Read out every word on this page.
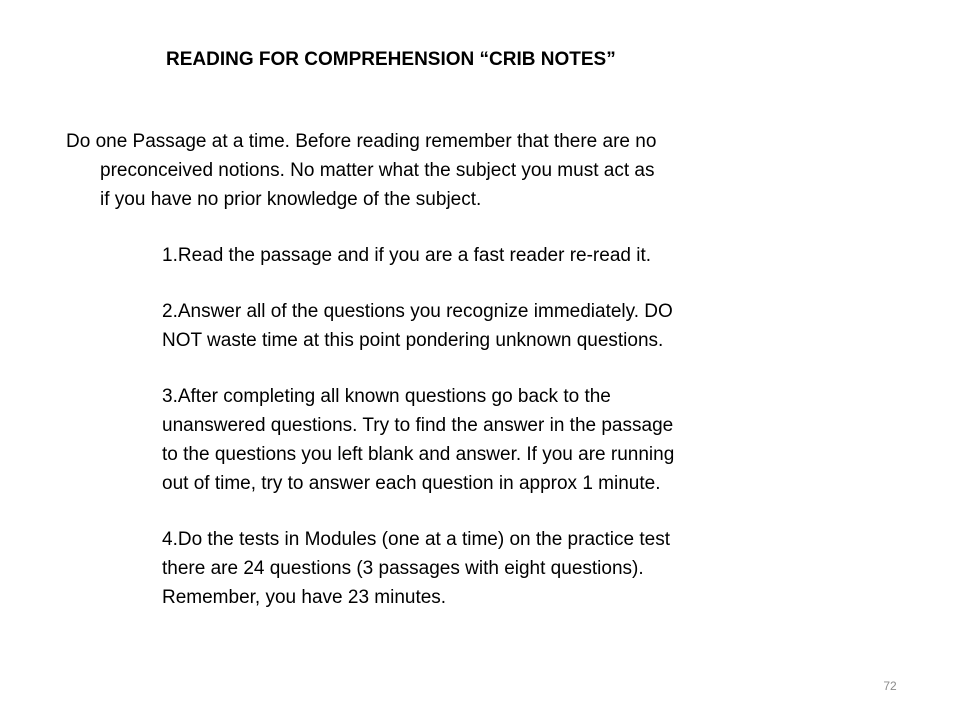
READING FOR COMPREHENSION “CRIB NOTES”

Do one Passage at a time. Before reading remember that there are no
preconceived notions. No matter what the subject you must act as
if you have no prior knowledge of the subject.

1.Read the passage and if you are a fast reader re-read it.

2.Answer all of the questions you recognize immediately. DO
NOT waste time at this point pondering unknown questions.

3.After completing all known questions go back to the
unanswered questions. Try to find the answer in the passage
to the questions you left blank and answer. If you are running
out of time, try to answer each question in approx 1 minute.

4.Do the tests in Modules (one at a time) on the practice test
there are 24 questions (3 passages with eight questions).
Remember, you have 23 minutes.

72
